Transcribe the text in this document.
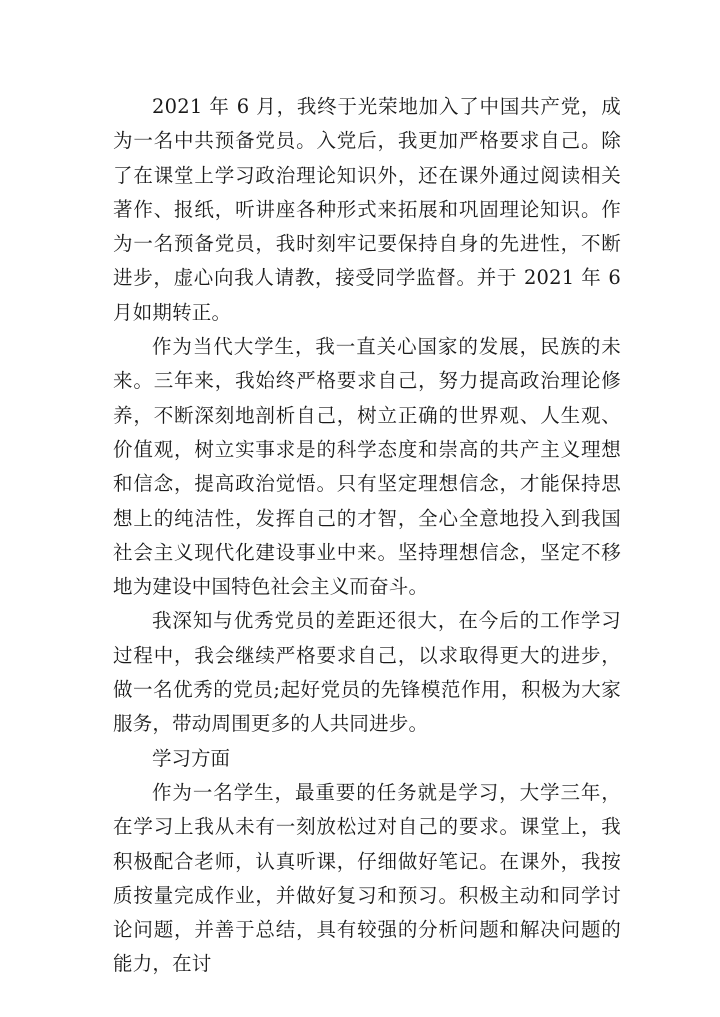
2021 年 6 月，我终于光荣地加入了中国共产党，成为一名中共预备党员。入党后，我更加严格要求自己。除了在课堂上学习政治理论知识外，还在课外通过阅读相关著作、报纸，听讲座各种形式来拓展和巩固理论知识。作为一名预备党员，我时刻牢记要保持自身的先进性，不断进步，虚心向我人请教，接受同学监督。并于 2021 年 6 月如期转正。

作为当代大学生，我一直关心国家的发展，民族的未来。三年来，我始终严格要求自己，努力提高政治理论修养，不断深刻地剖析自己，树立正确的世界观、人生观、价值观，树立实事求是的科学态度和崇高的共产主义理想和信念，提高政治觉悟。只有坚定理想信念，才能保持思想上的纯洁性，发挥自己的才智，全心全意地投入到我国社会主义现代化建设事业中来。坚持理想信念，坚定不移地为建设中国特色社会主义而奋斗。

我深知与优秀党员的差距还很大，在今后的工作学习过程中，我会继续严格要求自己，以求取得更大的进步，做一名优秀的党员;起好党员的先锋模范作用，积极为大家服务，带动周围更多的人共同进步。

学习方面

作为一名学生，最重要的任务就是学习，大学三年，在学习上我从未有一刻放松过对自己的要求。课堂上，我积极配合老师，认真听课，仔细做好笔记。在课外，我按质按量完成作业，并做好复习和预习。积极主动和同学讨论问题，并善于总结，具有较强的分析问题和解决问题的能力，在讨
